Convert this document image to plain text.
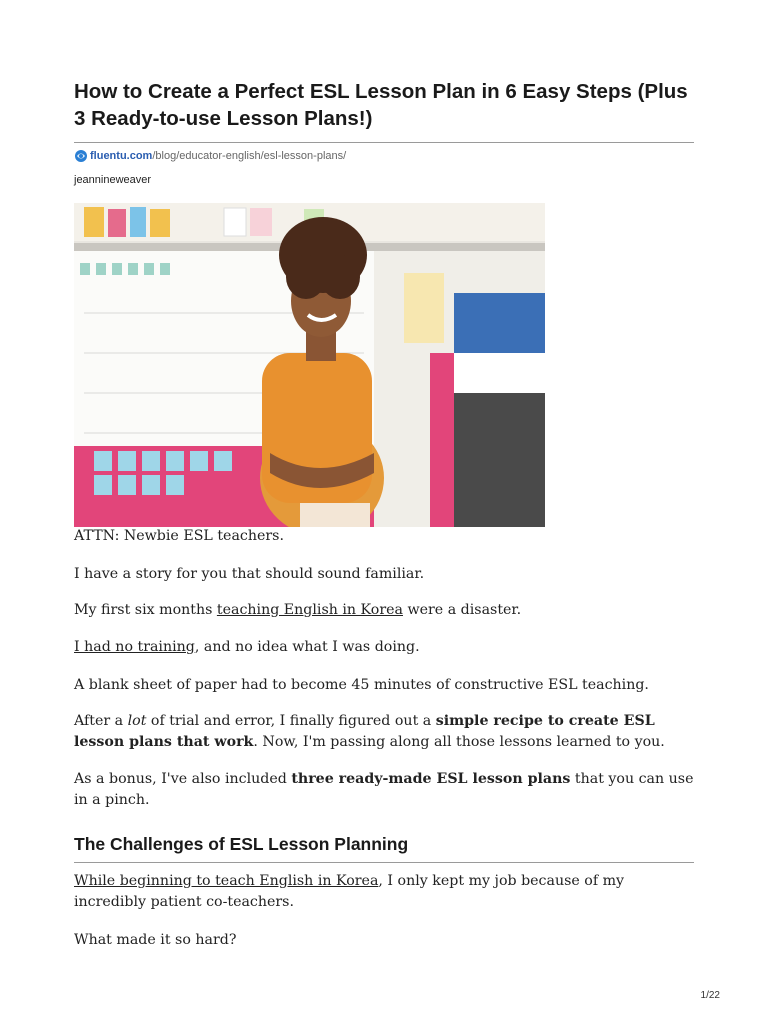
How to Create a Perfect ESL Lesson Plan in 6 Easy Steps (Plus 3 Ready-to-use Lesson Plans!)
fluentu.com/blog/educator-english/esl-lesson-plans/
jeannineweaver

ATTN: Newbie ESL teachers.

I have a story for you that should sound familiar.

My first six months teaching English in Korea were a disaster.

I had no training, and no idea what I was doing.

A blank sheet of paper had to become 45 minutes of constructive ESL teaching.

After a lot of trial and error, I finally figured out a simple recipe to create ESL lesson plans that work. Now, I'm passing along all those lessons learned to you.

As a bonus, I've also included three ready-made ESL lesson plans that you can use in a pinch.

The Challenges of ESL Lesson Planning

While beginning to teach English in Korea, I only kept my job because of my incredibly patient co-teachers.

What made it so hard?

1/22
